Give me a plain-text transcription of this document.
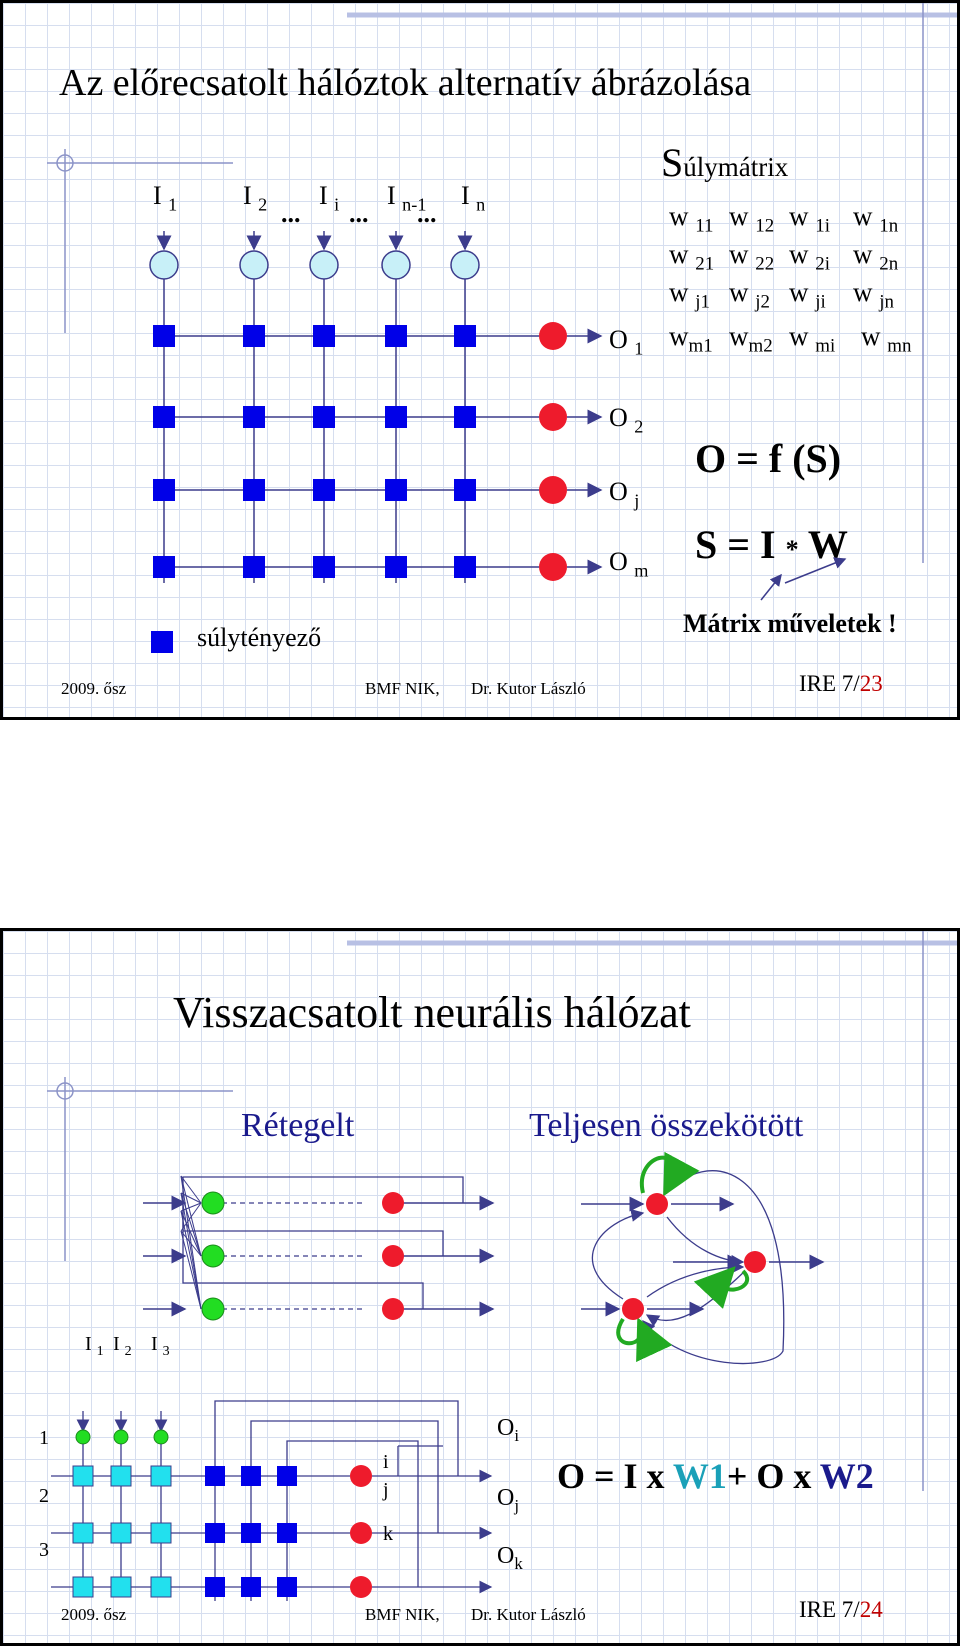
Az előrecsatolt hálóztok alternatív ábrázolása
I $_1$	I $_2$ I $_i$ I $_{n-1}$ I $_n$
... ... ...
O $_1$
O $_2$
O $_j$
O $_m$
súlytényező
Súlymátrix
w $_{11}$ w $_{12}$ w $_{1i}$ w $_{1n}$
w $_{21}$ w $_{22}$ w $_{2i}$ w $_{2n}$
w $_{j1}$ w $_{j2}$ w $_{ji}$ w $_{jn}$
$w_{m1}$ $w_{m2}$ w $_{mi}$ w $_{mn}$
O = f (S)
S = I * W
Mátrix műveletek !
2009. ősz	BMF NIK, Dr. Kutor László	IRE 7/23
Visszacsatolt neurális hálózat
Rétegelt	Teljesen összekötött
I $_1$ I $_2$ I $_3$
1
2
3
i
j
k
$O_i$
$O_j$
$O_k$
O = I x W1+ O x W2
2009. ősz	BMF NIK, Dr. Kutor László	IRE 7/24
